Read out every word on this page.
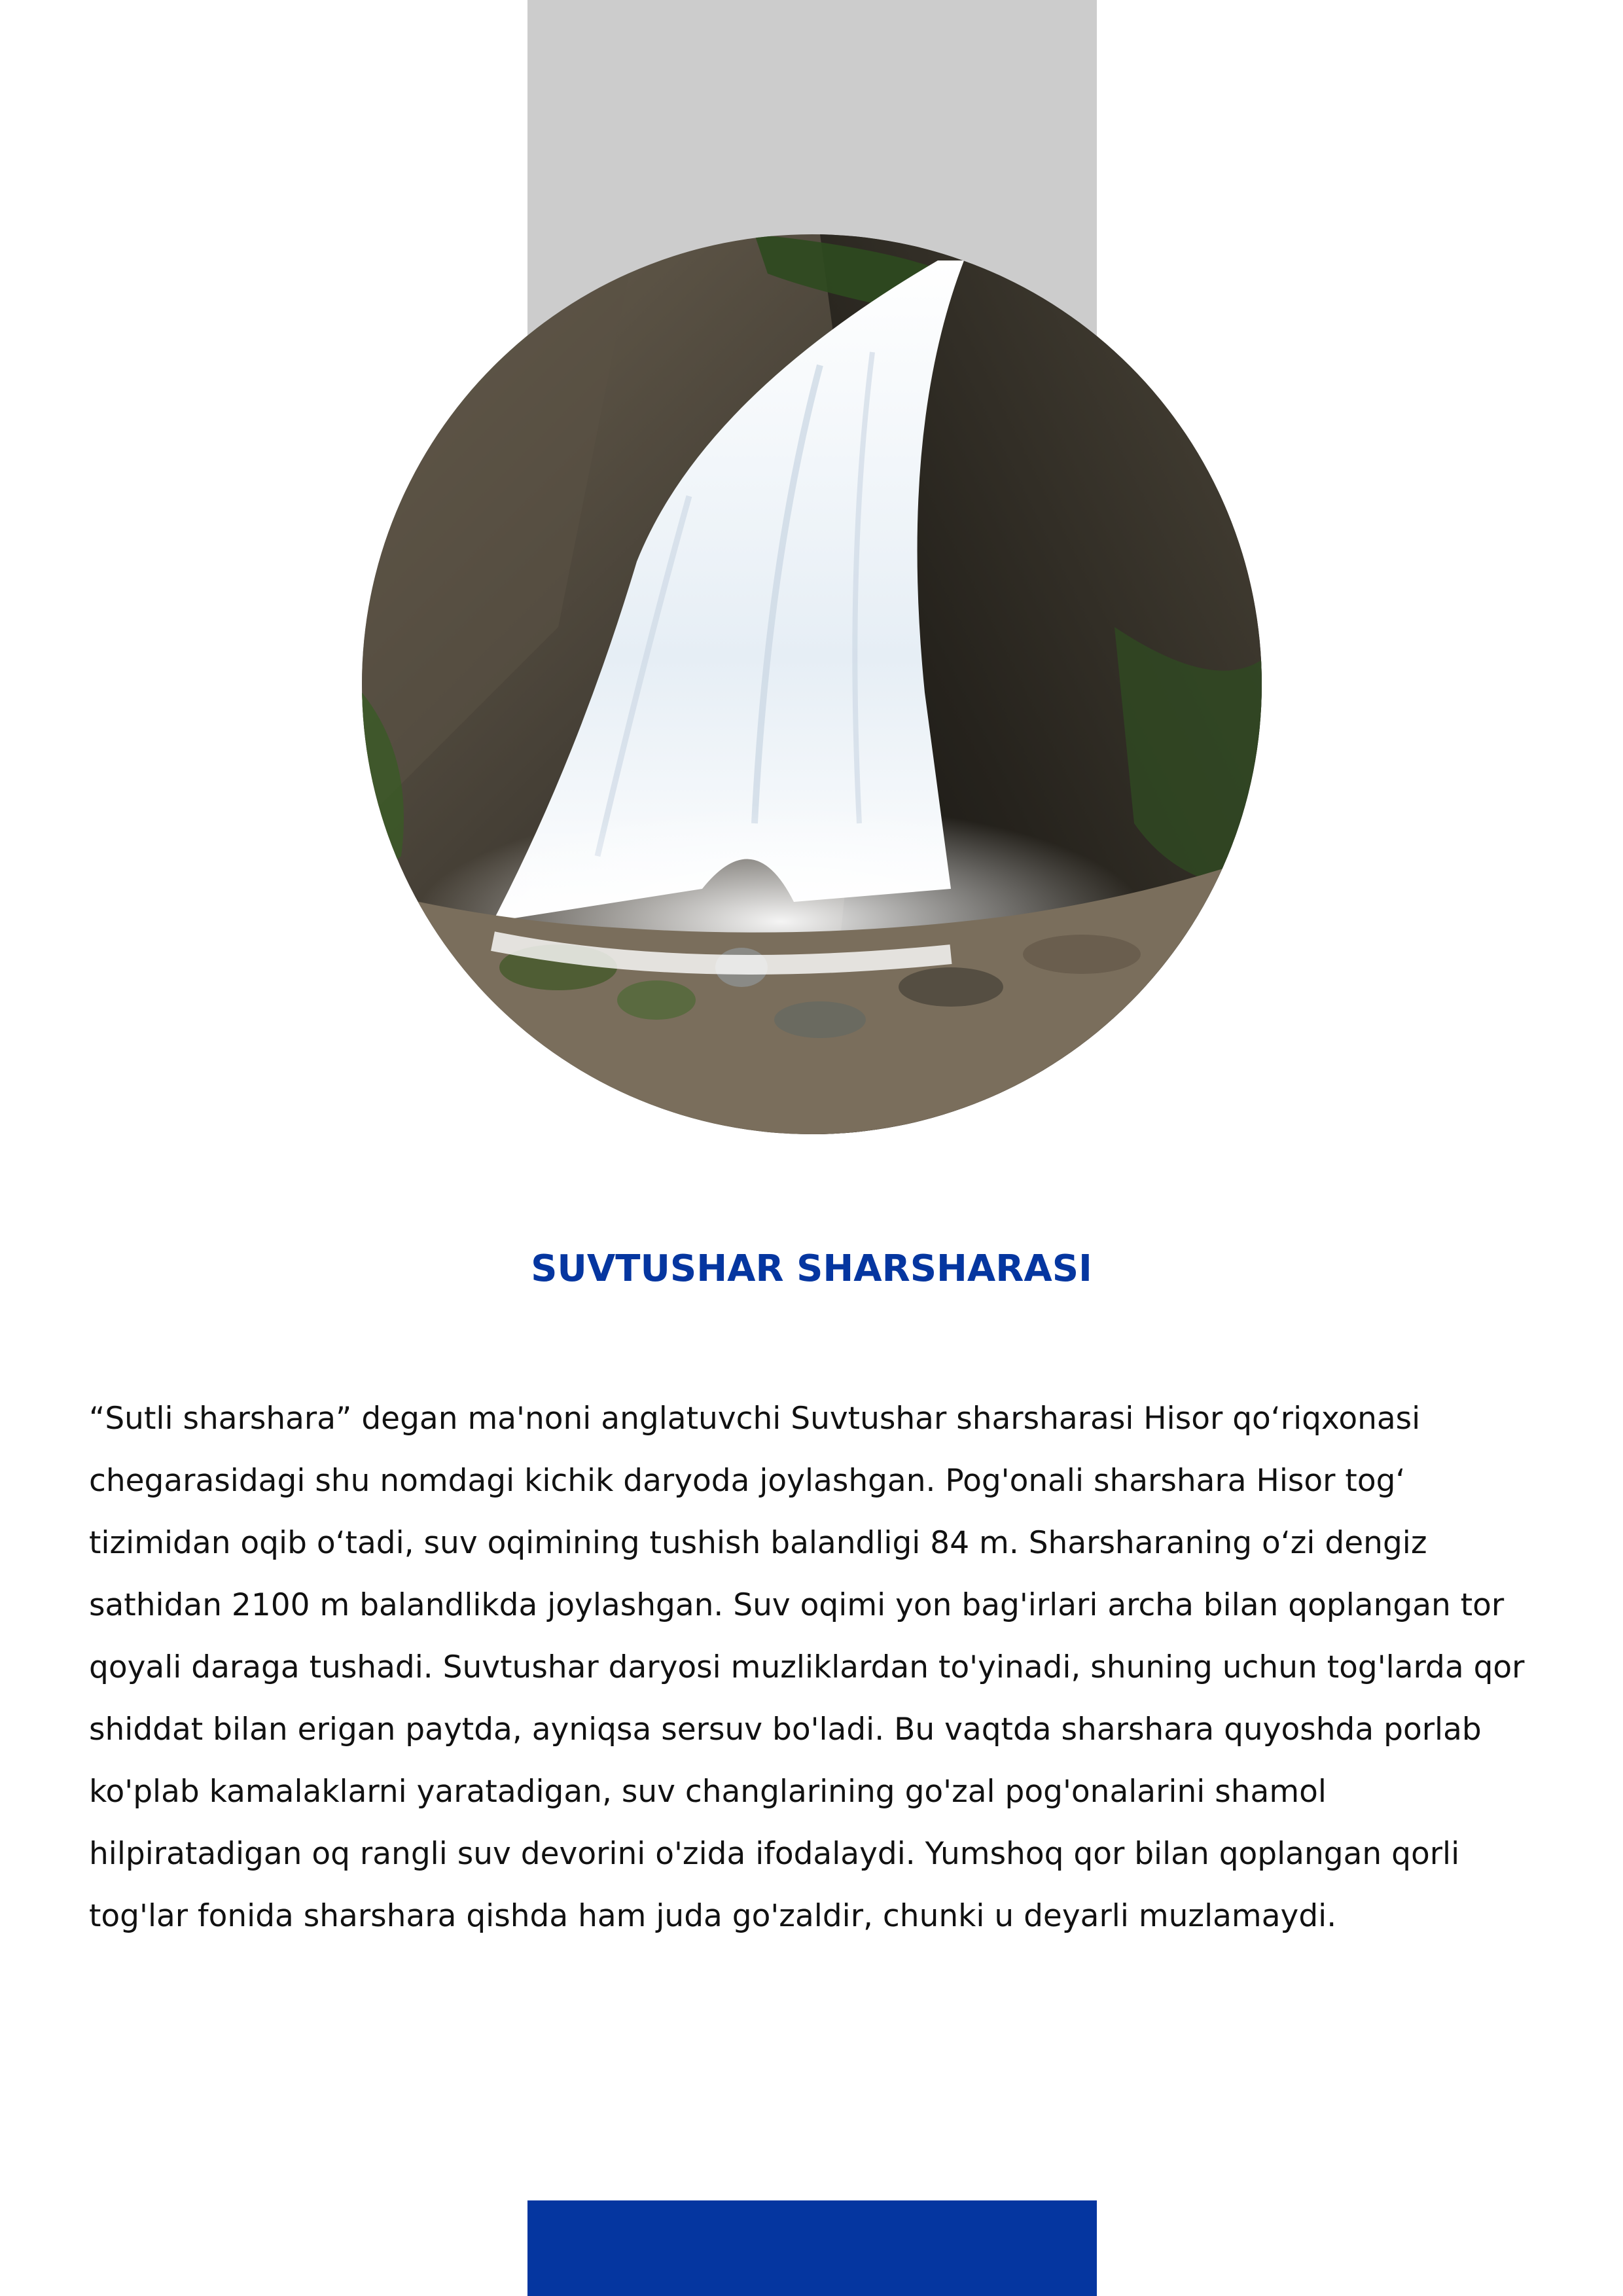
SUVTUSHAR SHARSHARASI
“Sutli sharshara” degan ma'noni anglatuvchi Suvtushar sharsharasi Hisor qoʻriqxonasi chegarasidagi shu nomdagi kichik daryoda joylashgan. Pog'onali sharshara Hisor togʻ tizimidan oqib oʻtadi, suv oqimining tushish balandligi 84 m. Sharsharaning oʻzi dengiz sathidan 2100 m balandlikda joylashgan. Suv oqimi yon bag'irlari archa bilan qoplangan tor qoyali daraga tushadi. Suvtushar daryosi muzliklardan to'yinadi, shuning uchun tog'larda qor shiddat bilan erigan paytda, ayniqsa sersuv bo'ladi. Bu vaqtda sharshara quyoshda porlab ko'plab kamalaklarni yaratadigan, suv changlarining go'zal pog'onalarini shamol hilpiratadigan oq rangli suv devorini o'zida ifodalaydi. Yumshoq qor bilan qoplangan qorli tog'lar fonida sharshara qishda ham juda go'zaldir, chunki u deyarli muzlamaydi.
